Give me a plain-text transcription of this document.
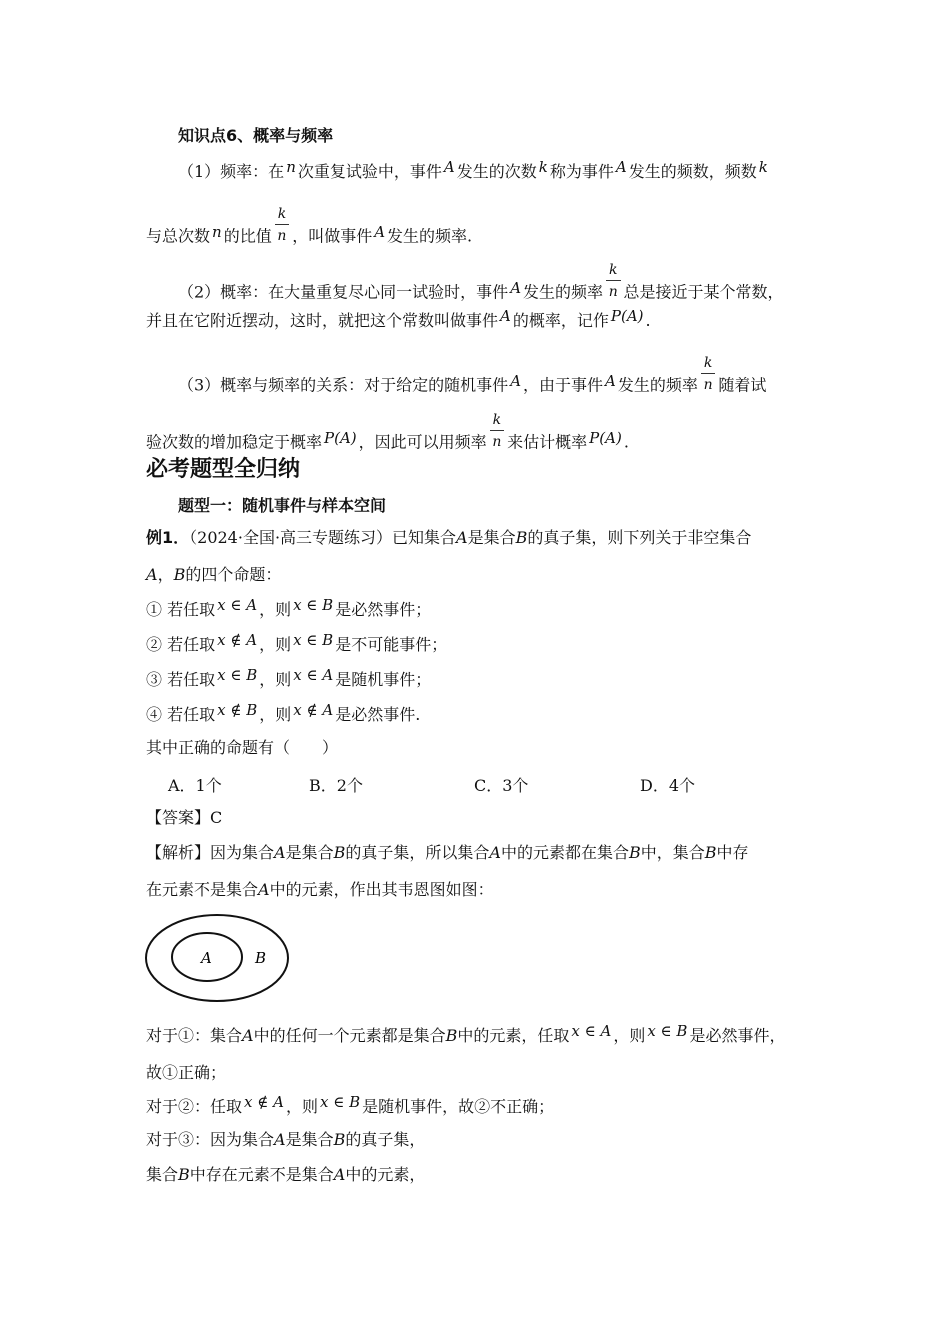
知识点6、概率与频率
（1）频率：在 n 次重复试验中，事件 A 发生的次数 k 称为事件 A 发生的频数，频数 k
与总次数 n 的比值 $\frac{k}{n}$ ，叫做事件 A 发生的频率.
（2）概率：在大量重复尽心同一试验时，事件 A 发生的频率 $\frac{k}{n}$ 总是接近于某个常数，
并且在它附近摆动，这时，就把这个常数叫做事件 A 的概率，记作 P(A) .
（3）概率与频率的关系：对于给定的随机事件 A ，由于事件 A 发生的频率 $\frac{k}{n}$ 随着试
验次数的增加稳定于概率 P(A) ，因此可以用频率 $\frac{k}{n}$ 来估计概率 P(A) .
必考题型全归纳
题型一：随机事件与样本空间
例1．（2024·全国·高三专题练习）已知集合A是集合B的真子集，则下列关于非空集合
A，B的四个命题：
① 若任取 x ∈ A ，则 x ∈ B 是必然事件；
② 若任取 x ∉ A ，则 x ∈ B 是不可能事件；
③ 若任取 x ∈ B ，则 x ∈ A 是随机事件；
④ 若任取 x ∉ B ，则 x ∉ A 是必然事件.
其中正确的命题有（　　）
A．1个	B．2个	C．3个	D．4个
【答案】C
【解析】因为集合A是集合B的真子集，所以集合A中的元素都在集合B中，集合B中存
在元素不是集合A中的元素，作出其韦恩图如图：
A	B
对于①：集合A中的任何一个元素都是集合B中的元素，任取 x ∈ A ，则 x ∈ B 是必然事件，
故①正确；
对于②：任取 x ∉ A ，则 x ∈ B 是随机事件，故②不正确；
对于③：因为集合A是集合B的真子集，
集合B中存在元素不是集合A中的元素，
